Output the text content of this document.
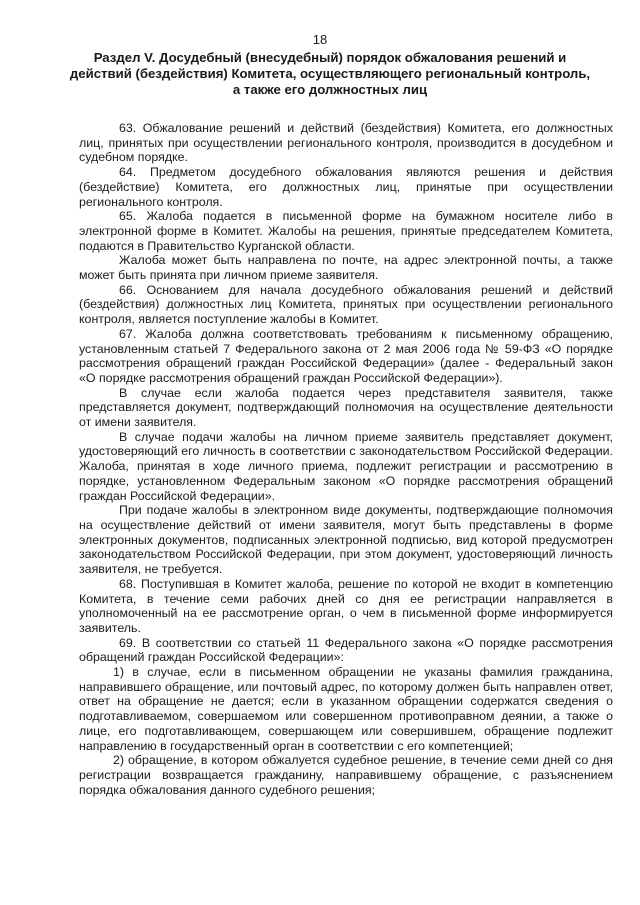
18
Раздел V. Досудебный (внесудебный) порядок обжалования решений и
действий (бездействия) Комитета, осуществляющего региональный контроль,
а также его должностных лиц

63. Обжалование решений и действий (бездействия) Комитета, его должностных лиц, принятых при осуществлении регионального контроля, производится в досудебном и судебном порядке.

64. Предметом досудебного обжалования являются решения и действия (бездействие) Комитета, его должностных лиц, принятые при осуществлении регионального контроля.

65. Жалоба подается в письменной форме на бумажном носителе либо в электронной форме в Комитет. Жалобы на решения, принятые председателем Комитета, подаются в Правительство Курганской области.

Жалоба может быть направлена по почте, на адрес электронной почты, а также может быть принята при личном приеме заявителя.

66. Основанием для начала досудебного обжалования решений и действий (бездействия) должностных лиц Комитета, принятых при осуществлении регионального контроля, является поступление жалобы в Комитет.

67. Жалоба должна соответствовать требованиям к письменному обращению, установленным статьей 7 Федерального закона от 2 мая 2006 года № 59-ФЗ «О порядке рассмотрения обращений граждан Российской Федерации» (далее - Федеральный закон «О порядке рассмотрения обращений граждан Российской Федерации»).

В случае если жалоба подается через представителя заявителя, также представляется документ, подтверждающий полномочия на осуществление деятельности от имени заявителя.

В случае подачи жалобы на личном приеме заявитель представляет документ, удостоверяющий его личность в соответствии с законодательством Российской Федерации. Жалоба, принятая в ходе личного приема, подлежит регистрации и рассмотрению в порядке, установленном Федеральным законом «О порядке рассмотрения обращений граждан Российской Федерации».

При подаче жалобы в электронном виде документы, подтверждающие полномочия на осуществление действий от имени заявителя, могут быть представлены в форме электронных документов, подписанных электронной подписью, вид которой предусмотрен законодательством Российской Федерации, при этом документ, удостоверяющий личность заявителя, не требуется.

68. Поступившая в Комитет жалоба, решение по которой не входит в компетенцию Комитета, в течение семи рабочих дней со дня ее регистрации направляется в уполномоченный на ее рассмотрение орган, о чем в письменной форме информируется заявитель.

69. В соответствии со статьей 11 Федерального закона «О порядке рассмотрения обращений граждан Российской Федерации»:

1) в случае, если в письменном обращении не указаны фамилия гражданина, направившего обращение, или почтовый адрес, по которому должен быть направлен ответ, ответ на обращение не дается; если в указанном обращении содержатся сведения о подготавливаемом, совершаемом или совершенном противоправном деянии, а также о лице, его подготавливающем, совершающем или совершившем, обращение подлежит направлению в государственный орган в соответствии с его компетенцией;

2) обращение, в котором обжалуется судебное решение, в течение семи дней со дня регистрации возвращается гражданину, направившему обращение, с разъяснением порядка обжалования данного судебного решения;
